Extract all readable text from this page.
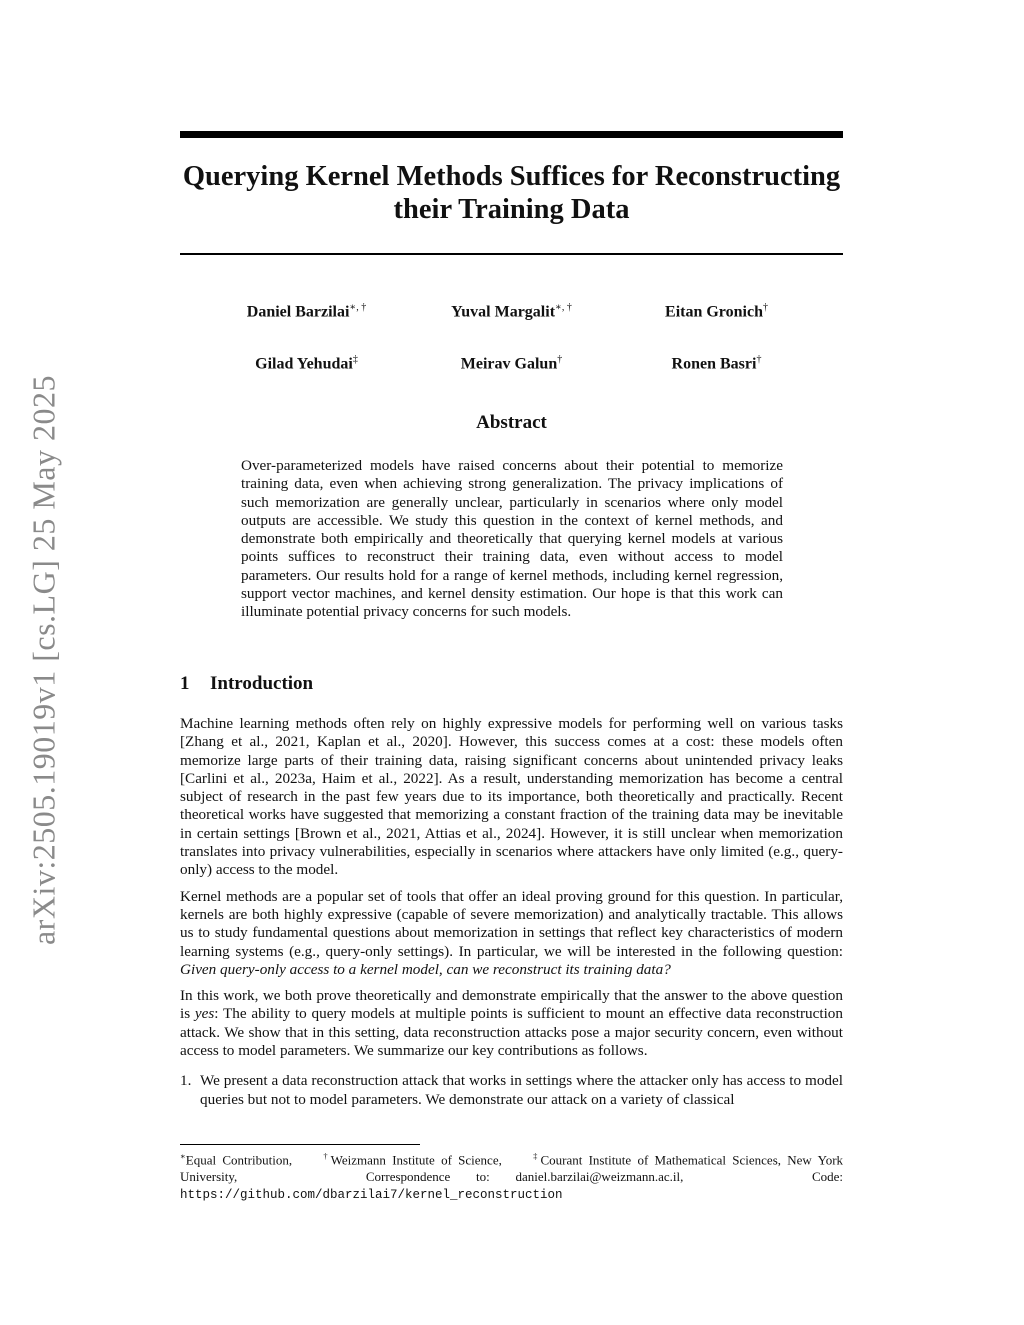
arXiv:2505.19019v1 [cs.LG] 25 May 2025
Querying Kernel Methods Suffices for Reconstructing
their Training Data
Daniel Barzilai∗, †	Yuval Margalit∗, †	Eitan Gronich†
Gilad Yehudai‡	Meirav Galun†	Ronen Basri†
Abstract
Over-parameterized models have raised concerns about their potential to memorize training data, even when achieving strong generalization. The privacy implications of such memorization are generally unclear, particularly in scenarios where only model outputs are accessible. We study this question in the context of kernel methods, and demonstrate both empirically and theoretically that querying kernel models at various points suffices to reconstruct their training data, even without access to model parameters. Our results hold for a range of kernel methods, including kernel regression, support vector machines, and kernel density estimation. Our hope is that this work can illuminate potential privacy concerns for such models.
1 Introduction

Machine learning methods often rely on highly expressive models for performing well on various tasks [Zhang et al., 2021, Kaplan et al., 2020]. However, this success comes at a cost: these models often memorize large parts of their training data, raising significant concerns about unintended privacy leaks [Carlini et al., 2023a, Haim et al., 2022]. As a result, understanding memorization has become a central subject of research in the past few years due to its importance, both theoretically and practically. Recent theoretical works have suggested that memorizing a constant fraction of the training data may be inevitable in certain settings [Brown et al., 2021, Attias et al., 2024]. However, it is still unclear when memorization translates into privacy vulnerabilities, especially in scenarios where attackers have only limited (e.g., query-only) access to the model.

Kernel methods are a popular set of tools that offer an ideal proving ground for this question. In particular, kernels are both highly expressive (capable of severe memorization) and analytically tractable. This allows us to study fundamental questions about memorization in settings that reflect key characteristics of modern learning systems (e.g., query-only settings). In particular, we will be interested in the following question: Given query-only access to a kernel model, can we reconstruct its training data?

In this work, we both prove theoretically and demonstrate empirically that the answer to the above question is yes: The ability to query models at multiple points is sufficient to mount an effective data reconstruction attack. We show that in this setting, data reconstruction attacks pose a major security concern, even without access to model parameters. We summarize our key contributions as follows.

1. We present a data reconstruction attack that works in settings where the attacker only has access to model queries but not to model parameters. We demonstrate our attack on a variety of classical
∗Equal Contribution,	†Weizmann Institute of Science,	‡Courant Institute of Mathematical Sciences, New York University,	Correspondence to: daniel.barzilai@weizmann.ac.il,	Code: https://github.com/dbarzilai7/kernel_reconstruction
